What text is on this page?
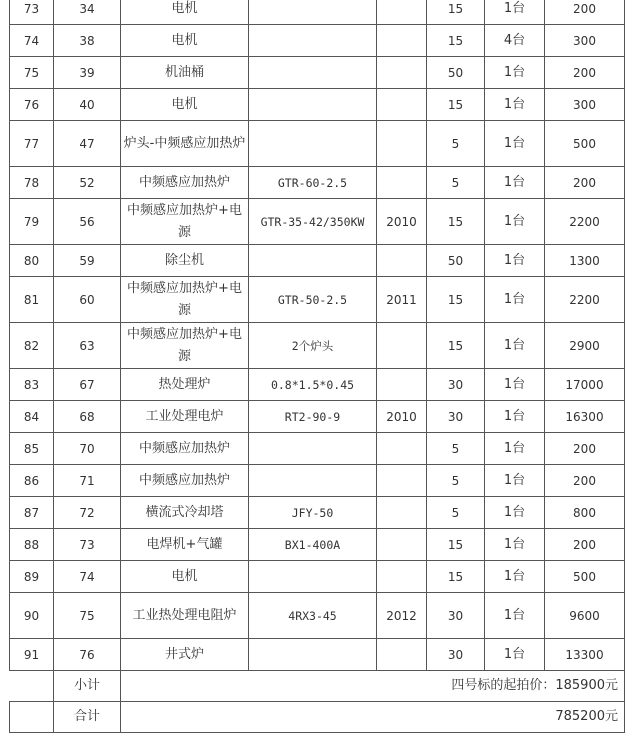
73	34	电机			15	1台	200
74	38	电机			15	4台	300
75	39	机油桶			50	1台	200
76	40	电机			15	1台	300
77	47	炉头-中频感应加热炉			5	1台	500
78	52	中频感应加热炉	GTR-60-2.5		5	1台	200
79	56	中频感应加热炉+电源	GTR-35-42/350KW	2010	15	1台	2200
80	59	除尘机			50	1台	1300
81	60	中频感应加热炉+电源	GTR-50-2.5	2011	15	1台	2200
82	63	中频感应加热炉+电源	2个炉头		15	1台	2900
83	67	热处理炉	0.8*1.5*0.45		30	1台	17000
84	68	工业处理电炉	RT2-90-9	2010	30	1台	16300
85	70	中频感应加热炉			5	1台	200
86	71	中频感应加热炉			5	1台	200
87	72	横流式冷却塔	JFY-50		5	1台	800
88	73	电焊机+气罐	BX1-400A		15	1台	200
89	74	电机			15	1台	500
90	75	工业热处理电阻炉	4RX3-45	2012	30	1台	9600
91	76	井式炉			30	1台	13300
	小计	四号标的起拍价：185900元					
	合计	785200元					
